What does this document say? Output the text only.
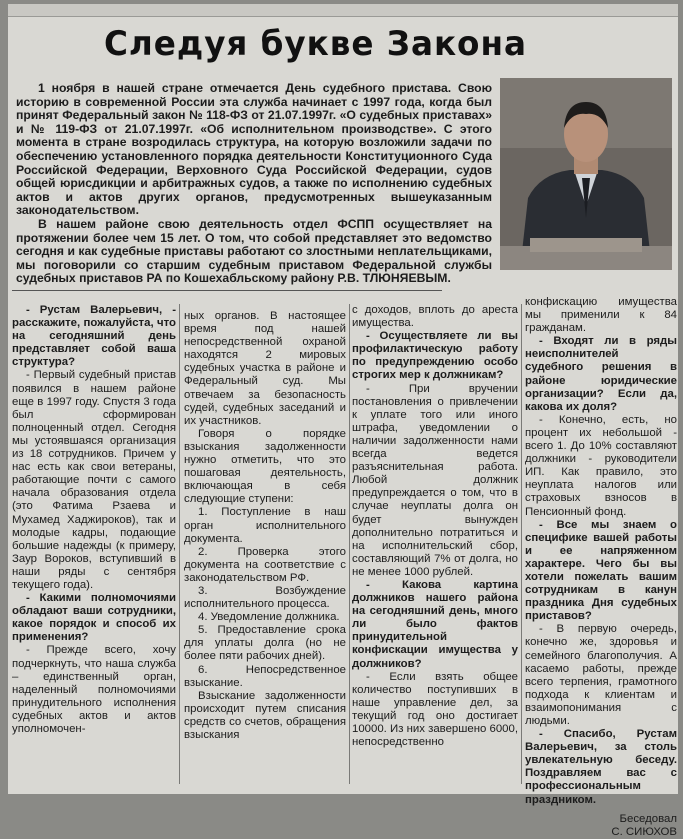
Следуя букве Закона

1 ноября в нашей стране отмечается День судебного пристава. Свою историю в современной России эта служба начинает с 1997 года, когда был принят Федеральный закон № 118-ФЗ от 21.07.1997г. «О судебных приставах» и № 119-ФЗ от 21.07.1997г. «Об исполнительном производстве». С этого момента в стране возродилась структура, на которую возложили задачи по обеспечению установленного порядка деятельности Конституционного Суда Российской Федерации, Верховного Суда Российской Федерации, судов общей юрисдикции и арбитражных судов, а также по исполнению судебных актов и актов других органов, предусмотренных вышеуказанным законодательством.

В нашем районе свою деятельность отдел ФСПП осуществляет на протяжении более чем 15 лет. О том, что собой представляет это ведомство сегодня и как судебные приставы работают со злостными неплательщиками, мы поговорили со старшим судебным приставом Федеральной службы судебных приставов РА по Кошехабльскому району Р.В. ТЛЮНЯЕВЫМ.

- Рустам Валерьевич, - расскажите, пожалуйста, что на сегодняшний день представляет собой ваша структура?

- Первый судебный пристав появился в нашем районе еще в 1997 году. Спустя 3 года был сформирован полноценный отдел. Сегодня мы устоявшаяся организация из 18 сотрудников. Причем у нас есть как свои ветераны, работающие почти с самого начала образования отдела (это Фатима Рзаева и Мухамед Хаджироков), так и молодые кадры, подающие большие надежды (к примеру, Заур Вороков, вступивший в наши ряды с сентября текущего года).

- Какими полномочиями обладают ваши сотрудники, какое порядок и способ их применения?

- Прежде всего, хочу подчеркнуть, что наша служба – единственный орган, наделенный полномочиями принудительного исполнения судебных актов и актов уполномочен-

ных органов. В настоящее время под нашей непосредственной охраной находятся 2 мировых судебных участка в районе и Федеральный суд. Мы отвечаем за безопасность судей, судебных заседаний и их участников.

Говоря о порядке взыскания задолженности нужно отметить, что это пошаговая деятельность, включающая в себя следующие ступени:

1. Поступление в наш орган исполнительного документа.

2. Проверка этого документа на соответствие с законодательством РФ.

3. Возбуждение исполнительного процесса.

4. Уведомление должника.

5. Предоставление срока для уплаты долга (но не более пяти рабочих дней).

6. Непосредственное взыскание.

Взыскание задолженности происходит путем списания средств со счетов, обращения взыскания

с доходов, вплоть до ареста имущества.

- Осуществляете ли вы профилактическую работу по предупреждению особо строгих мер к должникам?

- При вручении постановления о привлечении к уплате того или иного штрафа, уведомлении о наличии задолженности нами всегда ведется разъяснительная работа. Любой должник предупреждается о том, что в случае неуплаты долга он будет вынужден дополнительно потратиться и на исполнительский сбор, составляющий 7% от долга, но не менее 1000 рублей.

- Какова картина должников нашего района на сегодняшний день, много ли было фактов принудительной конфискации имущества у должников?

- Если взять общее количество поступивших в наше управление дел, за текущий год оно достигает 10000. Из них завершено 6000, непосредственно

конфискацию имущества мы применили к 84 гражданам.

- Входят ли в ряды неисполнителей судебного решения в районе юридические организации? Если да, какова их доля?

- Конечно, есть, но процент их небольшой - всего 1. До 10% составляют должники - руководители ИП. Как правило, это неуплата налогов или страховых взносов в Пенсионный фонд.

- Все мы знаем о специфике вашей работы и ее напряженном характере. Чего бы вы хотели пожелать вашим сотрудникам в канун праздника Дня судебных приставов?

- В первую очередь, конечно же, здоровья и семейного благополучия. А касаемо работы, прежде всего терпения, грамотного подхода к клиентам и взаимопонимания с людьми.

- Спасибо, Рустам Валерьевич, за столь увлекательную беседу. Поздравляем вас с профессиональным праздником.

Беседовал

С. СИЮХОВ
